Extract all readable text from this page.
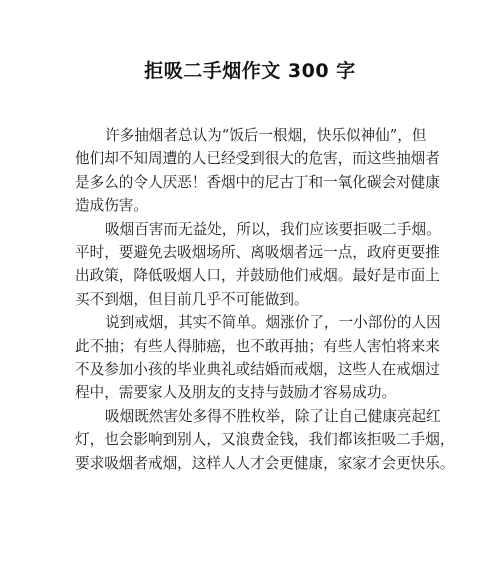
拒吸二手烟作文 300 字

许多抽烟者总认为“饭后一根烟，快乐似神仙”，但
他们却不知周遭的人已经受到很大的危害，而这些抽烟者
是多么的令人厌恶！香烟中的尼古丁和一氧化碳会对健康
造成伤害。

吸烟百害而无益处，所以，我们应该要拒吸二手烟。
平时，要避免去吸烟场所、离吸烟者远一点，政府更要推
出政策，降低吸烟人口，并鼓励他们戒烟。最好是市面上
买不到烟，但目前几乎不可能做到。

说到戒烟，其实不简单。烟涨价了，一小部份的人因
此不抽；有些人得肺癌，也不敢再抽；有些人害怕将来来
不及参加小孩的毕业典礼或结婚而戒烟，这些人在戒烟过
程中，需要家人及朋友的支持与鼓励才容易成功。

吸烟既然害处多得不胜枚举，除了让自己健康亮起红
灯，也会影响到别人，又浪费金钱，我们都该拒吸二手烟，
要求吸烟者戒烟，这样人人才会更健康，家家才会更快乐。
